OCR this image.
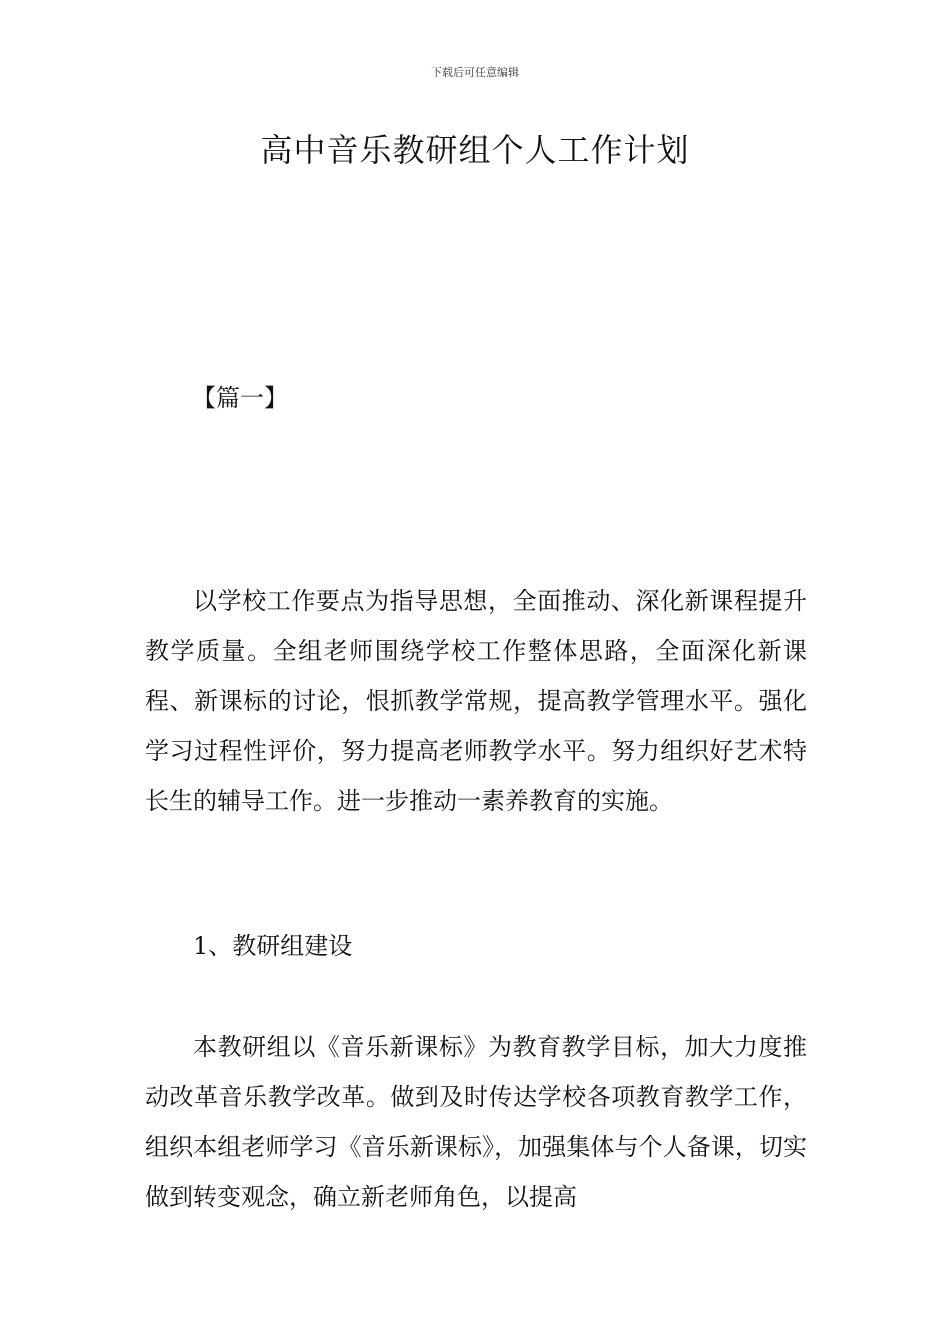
下载后可任意编辑
高中音乐教研组个人工作计划
【篇一】

以学校工作要点为指导思想，全面推动、深化新课程提升教学质量。全组老师围绕学校工作整体思路，全面深化新课程、新课标的讨论，恨抓教学常规，提高教学管理水平。强化学习过程性评价，努力提高老师教学水平。努力组织好艺术特长生的辅导工作。进一步推动一素养教育的实施。

1、教研组建设

本教研组以《音乐新课标》为教育教学目标，加大力度推动改革音乐教学改革。做到及时传达学校各项教育教学工作，组织本组老师学习《音乐新课标》，加强集体与个人备课，切实做到转变观念，确立新老师角色，以提高
